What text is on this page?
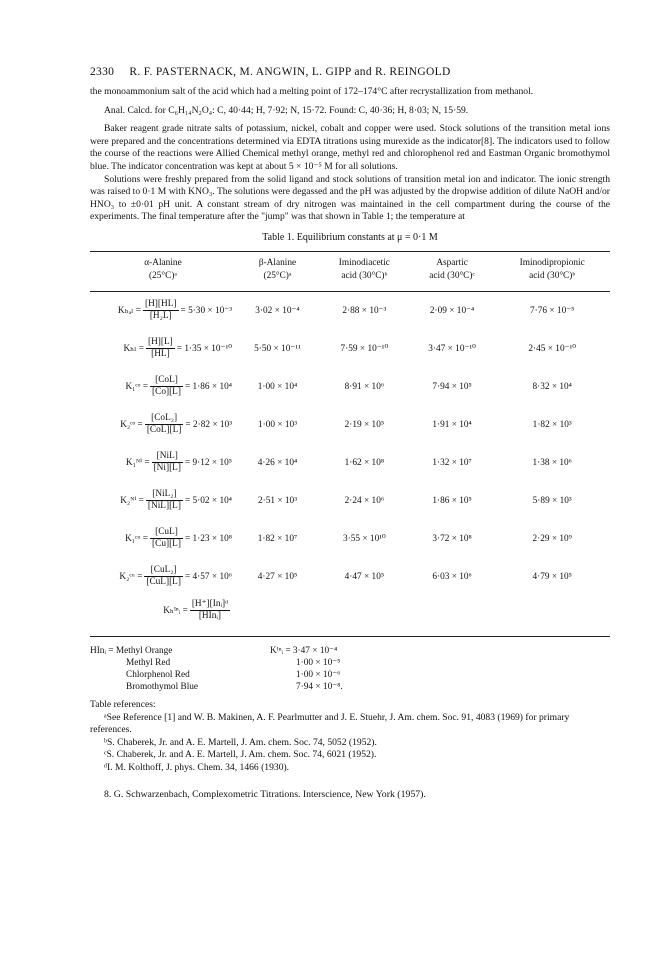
2330 R. F. PASTERNACK, M. ANGWIN, L. GIPP and R. REINGOLD

the monoammonium salt of the acid which had a melting point of 172–174°C after recrystallization from methanol.

Anal. Calcd. for C₆H₁₄N₂O₄: C, 40·44; H, 7·92; N, 15·72. Found: C, 40·36; H, 8·03; N, 15·59.

Baker reagent grade nitrate salts of potassium, nickel, cobalt and copper were used. Stock solutions of the transition metal ions were prepared and the concentrations determined via EDTA titrations using murexide as the indicator[8]. The indicators used to follow the course of the reactions were Allied Chemical methyl orange, methyl red and chlorophenol red and Eastman Organic bromothymol blue. The indicator concentration was kept at about 5 × 10⁻⁵ M for all solutions.

Solutions were freshly prepared from the solid ligand and stock solutions of transition metal ion and indicator. The ionic strength was raised to 0·1 M with KNO₃. The solutions were degassed and the pH was adjusted by the dropwise addition of dilute NaOH and/or HNO₃ to ±0·01 pH unit. A constant stream of dry nitrogen was maintained in the cell compartment during the course of the experiments. The final temperature after the "jump" was that shown in Table 1; the temperature at

Table 1. Equilibrium constants at μ = 0·1 M
α-Alanine
(25°C)ᵃ	β-Alanine
(25°C)ᵃ	Iminodiacetic
acid (30°C)ᵇ	Aspartic
acid (30°C)ᶜ	Iminodipropionic
acid (30°C)ᵇ
$K_{hal} = \frac{[H][HL]}{\text{[H₂L]}} = 5\cdot 30 \times 10^{-3}$	3·02 × 10⁻⁴	2·88 × 10⁻³	2·09 × 10⁻⁴	7·76 × 10⁻⁵
$K_{hl} = \frac{[H][L]}{[HL]} = 1\cdot 35 \times 10^{-10}$	5·50 × 10⁻¹¹	7·59 × 10⁻¹⁰	3·47 × 10⁻¹⁰	2·45 × 10⁻¹⁰
K₁ᶜᵒ = $\frac{\text{[CoL]}}{[Co][L]} = 1\cdot 86 \times 10^4$	1·00 × 10⁴	8·91 × 10⁶	7·94 × 10⁵	8·32 × 10⁴
K₂ᶜᵒ = $\frac{\text{[CoL₂]}}{\text{[CoL][L]}} = 2\cdot 82 \times 10^3$	1·00 × 10³	2·19 × 10⁵	1·91 × 10⁴	1·82 × 10³
K₁ᴺⁱ = $\frac{\text{[NiL]}}{[Ni][L]} = 9\cdot 12 \times 10^5$	4·26 × 10⁴	1·62 × 10⁸	1·32 × 10⁷	1·38 × 10⁶
K₂ᴺⁱ = $\frac{\text{[NiL₂]}}{\text{[NiL][L]}} = 5\cdot 02 \times 10^4$	2·51 × 10³	2·24 × 10⁶	1·86 × 10⁵	5·89 × 10³
K₁ᶜᵘ = $\frac{\text{[CuL]}}{[Cu][L]} = 1\cdot 23 \times 10^8$	1·82 × 10⁷	3·55 × 10¹⁰	3·72 × 10⁸	2·29 × 10⁹
K₂ᶜᵘ = $\frac{\text{[CuL₂]}}{\text{[CuL][L]}} = 4\cdot 57 \times 10^6$	4·27 × 10⁵	4·47 × 10⁵	6·03 × 10⁶	4·79 × 10⁵
Kₕᴵⁿᵢ = $\frac{\text{[H⁺][Inᵢ]ᵈ}}{\text{[HInᵢ]}}$

HInᵢ = Methyl Orange	Kᴵⁿᵢ = 3·47 × 10⁻⁴
Methyl Red	1·00 × 10⁻⁵
Chlorphenol Red	1·00 × 10⁻⁶
Bromothymol Blue	7·94 × 10⁻⁸.
Table references:
ᵃSee Reference [1] and W. B. Makinen, A. F. Pearlmutter and J. E. Stuehr, J. Am. chem. Soc. 91, 4083 (1969) for primary references.
ᵇS. Chaberek, Jr. and A. E. Martell, J. Am. chem. Soc. 74, 5052 (1952).
ᶜS. Chaberek, Jr. and A. E. Martell, J. Am. chem. Soc. 74, 6021 (1952).
ᵈI. M. Kolthoff, J. phys. Chem. 34, 1466 (1930).
8. G. Schwarzenbach, Complexometric Titrations. Interscience, New York (1957).
